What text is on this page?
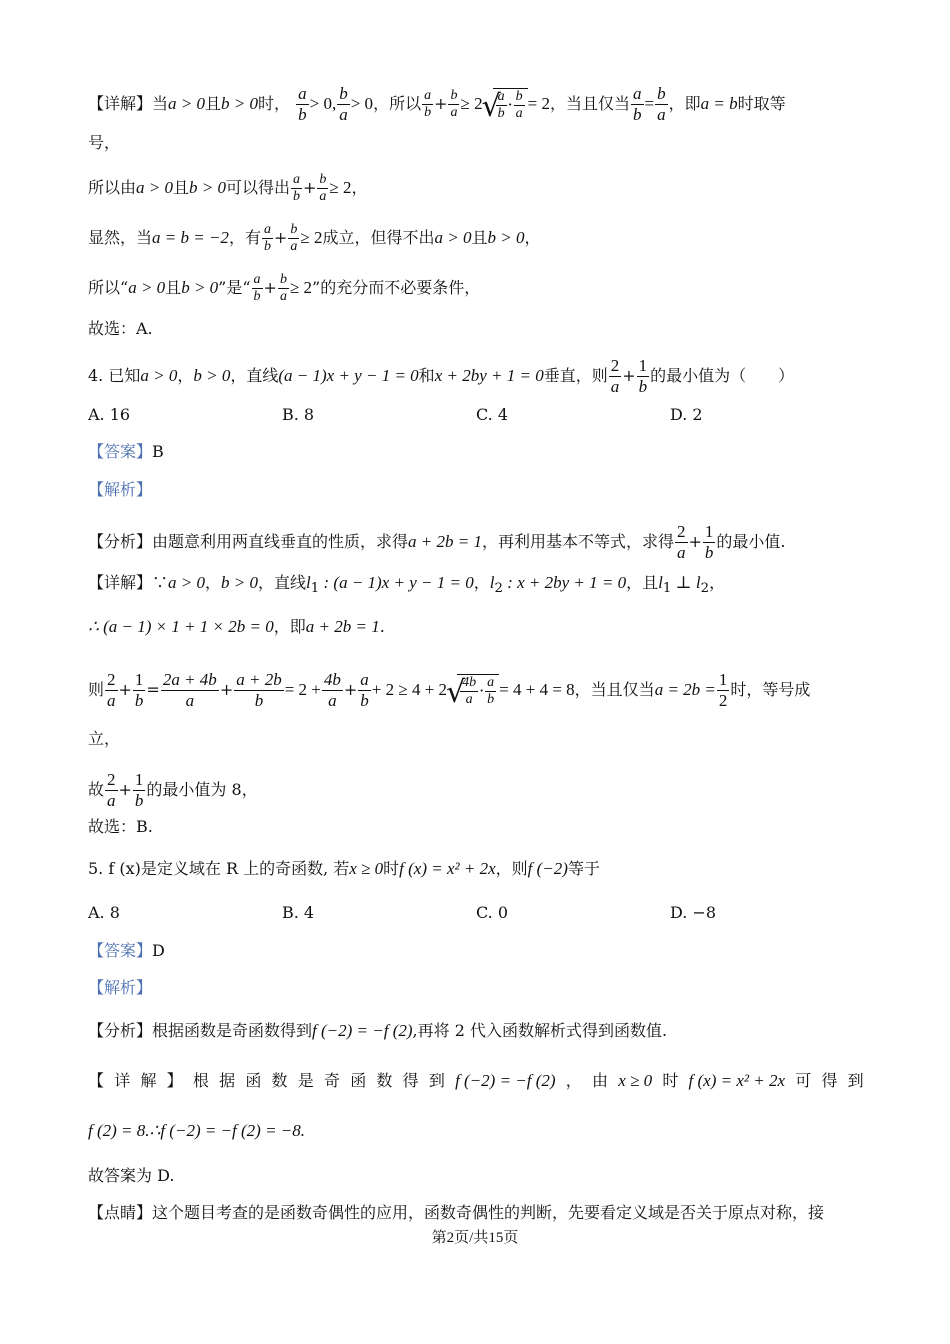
【详解】当a > 0且b > 0时， $\frac{a}{b} > 0$, $\frac{b}{a} > 0$，所以 $\frac{a}{b} + \frac{b}{a} \ge 2$ √ $\frac{a}{b} \cdot \frac{b}{a} = 2$，当且仅当 $\frac{a}{b} = \frac{b}{a}$ ，即a = b时取等
号，
所以由a > 0且b > 0可以得出 $\frac{a}{b} + \frac{b}{a} \ge 2$，
显然，当a = b = −2，有 $\frac{a}{b} + \frac{b}{a} \ge 2$成立，但得不出a > 0且b > 0，
所以“a > 0且b > 0”是“ $\frac{a}{b} + \frac{b}{a} \ge 2$”的充分而不必要条件，
故选：A.
4. 已知a > 0，b > 0，直线(a − 1)x + y − 1 = 0和x + 2by + 1 = 0垂直，则 $\frac{2}{a} + \frac{1}{b}$ 的最小值为（　　）
A. 16	B. 8	C. 4	D. 2
【答案】B
【解析】
【分析】由题意利用两直线垂直的性质，求得a + 2b = 1，再利用基本不等式，求得 $\frac{2}{a} + \frac{1}{b}$ 的最小值.
【详解】∵a > 0，b > 0，直线$l_1$ : (a − 1)x + y − 1 = 0，$l_2$ : x + 2by + 1 = 0，且$l_1$ ⊥ $l_2$，
∴ (a − 1) × 1 + 1 × 2b = 0，即a + 2b = 1.
则 $\frac{2}{a} + \frac{1}{b} = \frac{2a + 4b}{a} + \frac{a + 2b}{b} = 2 + \frac{4b}{a} + \frac{a}{b} + 2 \ge 4 + 2$ √ $\frac{4b}{a} \cdot \frac{a}{b} = 4 + 4 = 8$，当且仅当$a = 2b = \frac{1}{2}$ 时，等号成
立，
故 $\frac{2}{a} + \frac{1}{b}$ 的最小值为 8，
故选：B.
5. f (x)是定义域在 R 上的奇函数, 若x ≥ 0时f (x) = x² + 2x，则f (−2)等于
A. 8	B. 4	C. 0	D. −8
【答案】D
【解析】
【分析】根据函数是奇函数得到f (−2) = −f (2),再将 2 代入函数解析式得到函数值.
【 详 解 】 根 据 函 数 是 奇 函 数 得 到 f (−2) = −f (2) ， 由 x ≥ 0 时 f (x) = x² + 2x 可 得 到
f (2) = 8.∴f (−2) = −f (2) = −8.
故答案为 D.
【点睛】这个题目考查的是函数奇偶性的应用，函数奇偶性的判断，先要看定义域是否关于原点对称，接
第2页/共15页
